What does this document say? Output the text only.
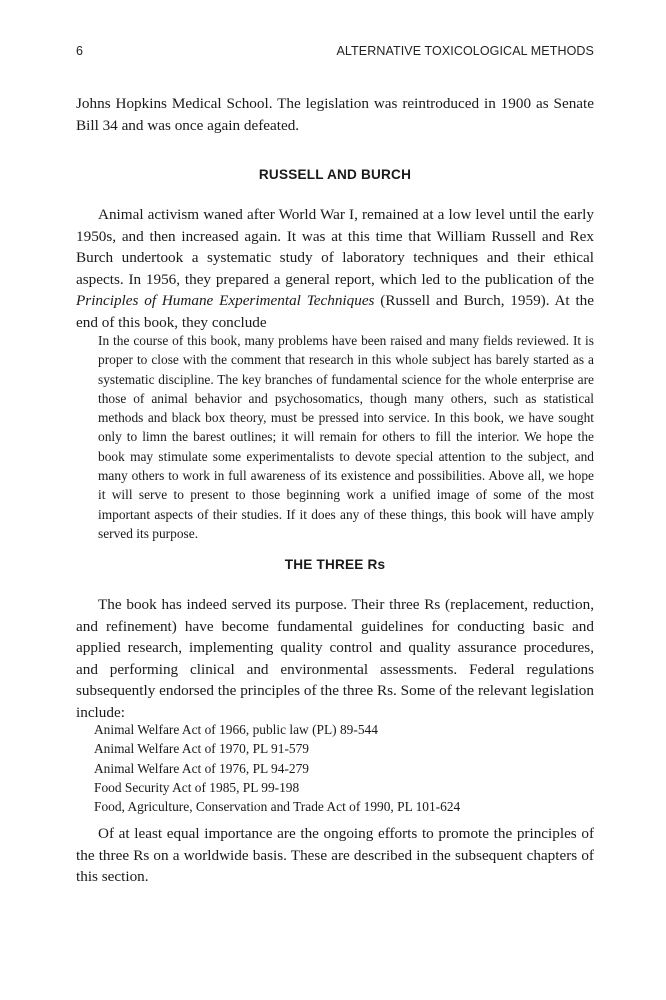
6	ALTERNATIVE TOXICOLOGICAL METHODS

Johns Hopkins Medical School. The legislation was reintroduced in 1900 as Senate Bill 34 and was once again defeated.

RUSSELL AND BURCH

Animal activism waned after World War I, remained at a low level until the early 1950s, and then increased again. It was at this time that William Russell and Rex Burch undertook a systematic study of laboratory techniques and their ethical aspects. In 1956, they prepared a general report, which led to the publication of the Principles of Humane Experimental Techniques (Russell and Burch, 1959). At the end of this book, they conclude

In the course of this book, many problems have been raised and many fields reviewed. It is proper to close with the comment that research in this whole subject has barely started as a systematic discipline. The key branches of fundamental science for the whole enterprise are those of animal behavior and psychosomatics, though many others, such as statistical methods and black box theory, must be pressed into service. In this book, we have sought only to limn the barest outlines; it will remain for others to fill the interior. We hope the book may stimulate some experimentalists to devote special attention to the subject, and many others to work in full awareness of its existence and possibilities. Above all, we hope it will serve to present to those beginning work a unified image of some of the most important aspects of their studies. If it does any of these things, this book will have amply served its purpose.
THE THREE Rs

The book has indeed served its purpose. Their three Rs (replacement, reduction, and refinement) have become fundamental guidelines for conducting basic and applied research, implementing quality control and quality assurance procedures, and performing clinical and environmental assessments. Federal regulations subsequently endorsed the principles of the three Rs. Some of the relevant legislation include:

Animal Welfare Act of 1966, public law (PL) 89-544
Animal Welfare Act of 1970, PL 91-579
Animal Welfare Act of 1976, PL 94-279
Food Security Act of 1985, PL 99-198
Food, Agriculture, Conservation and Trade Act of 1990, PL 101-624

Of at least equal importance are the ongoing efforts to promote the principles of the three Rs on a worldwide basis. These are described in the subsequent chapters of this section.
